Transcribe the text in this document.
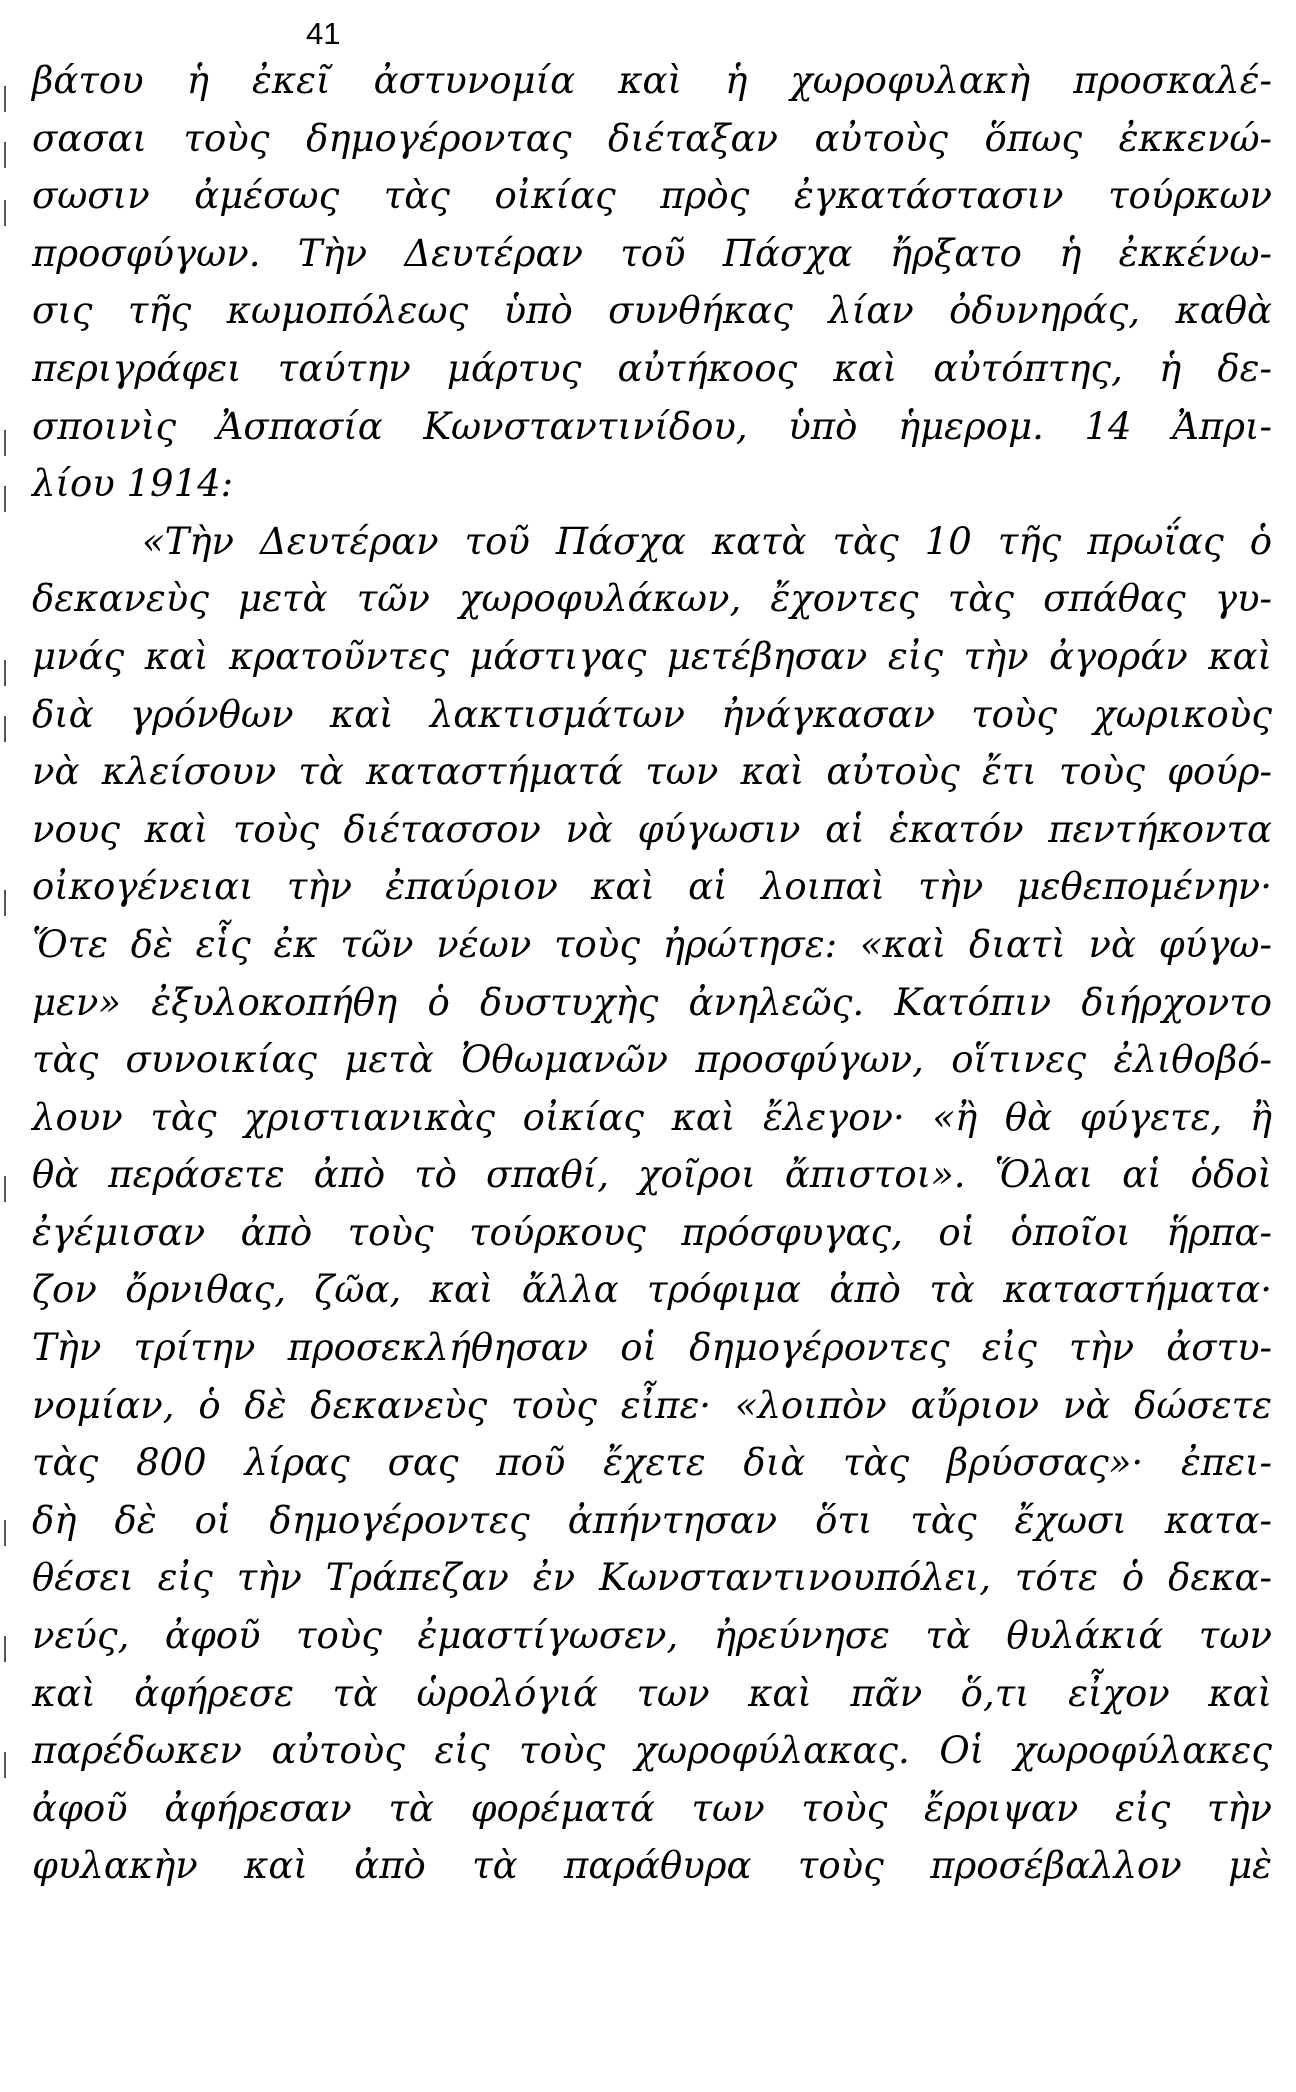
41
βάτου ἡ ἐκεῖ ἀστυνομία καὶ ἡ χωροφυλακὴ προσκαλέ-
σασαι τοὺς δημογέροντας διέταξαν αὐτοὺς ὅπως ἐκκενώ-
σωσιν ἀμέσως τὰς οἰκίας πρὸς ἐγκατάστασιν τούρκων
προσφύγων. Τὴν Δευτέραν τοῦ Πάσχα ἤρξατο ἡ ἐκκένω-
σις τῆς κωμοπόλεως ὑπὸ συνθήκας λίαν ὀδυνηράς, καθὰ
περιγράφει ταύτην μάρτυς αὐτήκοος καὶ αὐτόπτης, ἡ δε-
σποινὶς Ἀσπασία Κωνσταντινίδου, ὑπὸ ἡμερομ. 14 Ἀπρι-
λίου 1914:
«Τὴν Δευτέραν τοῦ Πάσχα κατὰ τὰς 10 τῆς πρωΐας ὁ
δεκανεὺς μετὰ τῶν χωροφυλάκων, ἔχοντες τὰς σπάθας γυ-
μνάς καὶ κρατοῦντες μάστιγας μετέβησαν εἰς τὴν ἀγοράν καὶ
διὰ γρόνθων καὶ λακτισμάτων ἠνάγκασαν τοὺς χωρικοὺς
νὰ κλείσουν τὰ καταστήματά των καὶ αὐτοὺς ἔτι τοὺς φούρ-
νους καὶ τοὺς διέτασσον νὰ φύγωσιν αἱ ἑκατόν πεντήκοντα
οἰκογένειαι τὴν ἐπαύριον καὶ αἱ λοιπαὶ τὴν μεθεπομένην·
Ὅτε δὲ εἷς ἐκ τῶν νέων τοὺς ἠρώτησε: «καὶ διατὶ νὰ φύγω-
μεν» ἐξυλοκοπήθη ὁ δυστυχὴς ἀνηλεῶς. Κατόπιν διήρχοντο
τὰς συνοικίας μετὰ Ὀθωμανῶν προσφύγων, οἵτινες ἐλιθοβό-
λουν τὰς χριστιανικὰς οἰκίας καὶ ἔλεγον· «ἢ θὰ φύγετε, ἢ
θὰ περάσετε ἀπὸ τὸ σπαθί, χοῖροι ἄπιστοι». Ὅλαι αἱ ὁδοὶ
ἐγέμισαν ἀπὸ τοὺς τούρκους πρόσφυγας, οἱ ὁποῖοι ἥρπα-
ζον ὄρνιθας, ζῶα, καὶ ἄλλα τρόφιμα ἀπὸ τὰ καταστήματα·
Τὴν τρίτην προσεκλήθησαν οἱ δημογέροντες εἰς τὴν ἀστυ-
νομίαν, ὁ δὲ δεκανεὺς τοὺς εἶπε· «λοιπὸν αὔριον νὰ δώσετε
τὰς 800 λίρας σας ποῦ ἔχετε διὰ τὰς βρύσσας»· ἐπει-
δὴ δὲ οἱ δημογέροντες ἀπήντησαν ὅτι τὰς ἔχωσι κατα-
θέσει εἰς τὴν Τράπεζαν ἐν Κωνσταντινουπόλει, τότε ὁ δεκα-
νεύς, ἀφοῦ τοὺς ἐμαστίγωσεν, ἠρεύνησε τὰ θυλάκιά των
καὶ ἀφήρεσε τὰ ὡρολόγιά των καὶ πᾶν ὅ,τι εἶχον καὶ
παρέδωκεν αὐτοὺς εἰς τοὺς χωροφύλακας. Οἱ χωροφύλακες
ἀφοῦ ἀφήρεσαν τὰ φορέματά των τοὺς ἔρριψαν εἰς τὴν
φυλακὴν καὶ ἀπὸ τὰ παράθυρα τοὺς προσέβαλλον μὲ
